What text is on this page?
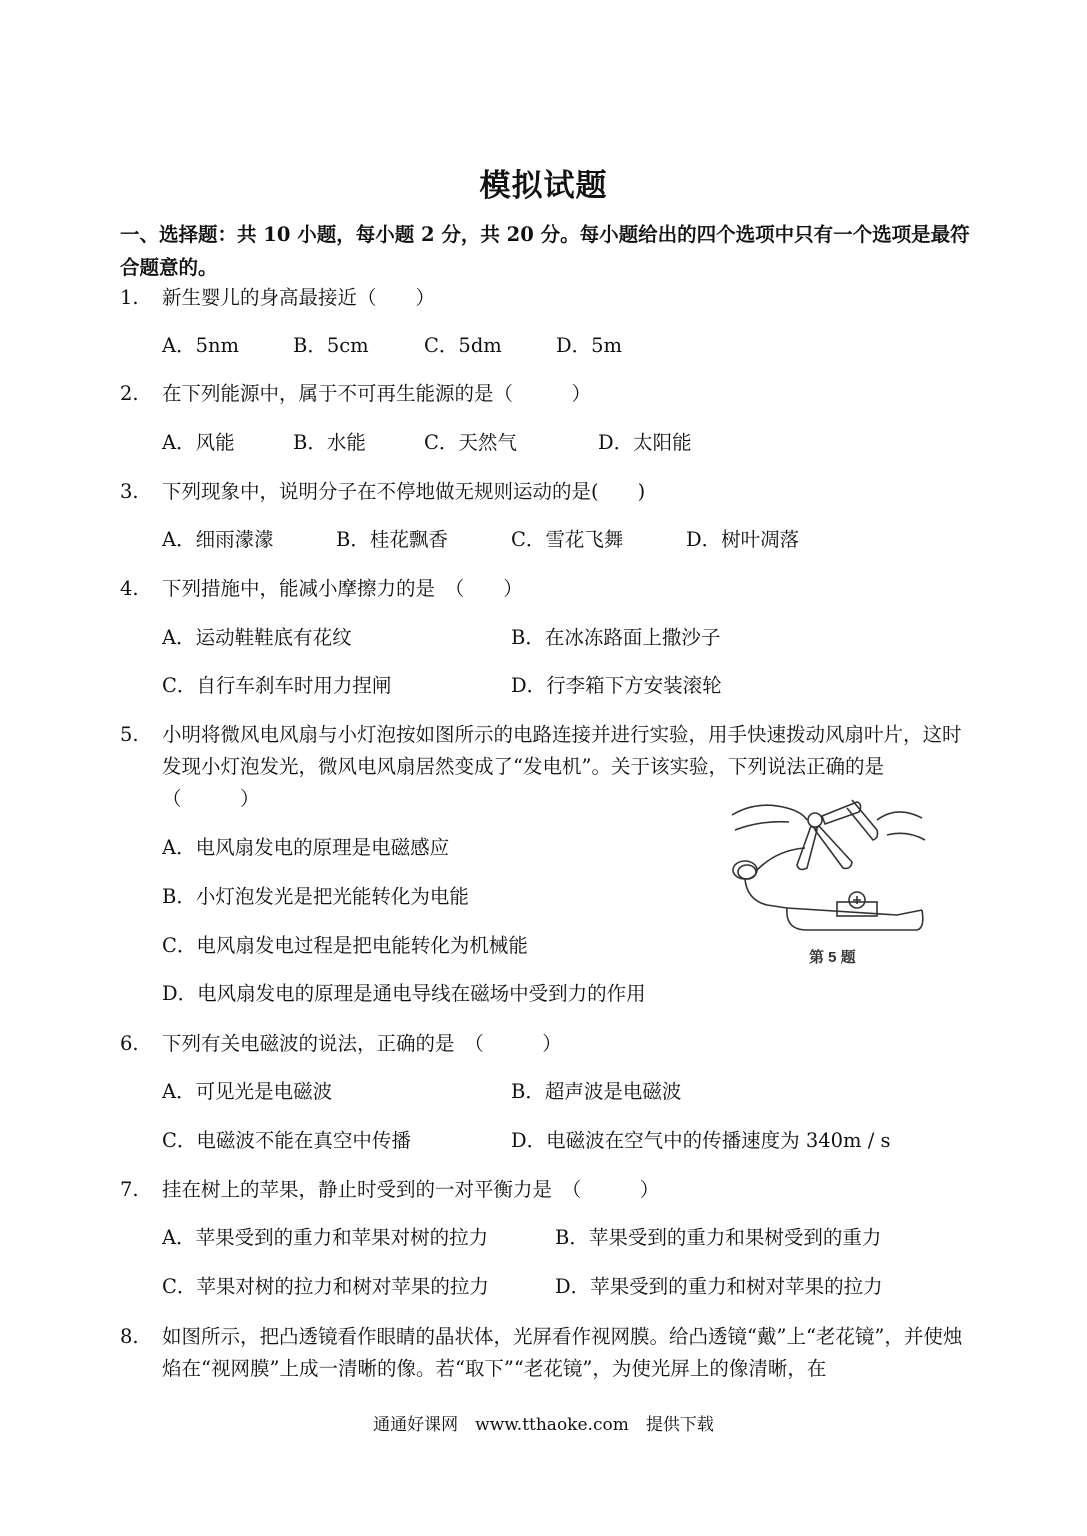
模拟试题
一、选择题：共 10 小题，每小题 2 分，共 20 分。每小题给出的四个选项中只有一个选项是最符合题意的。
1. 新生婴儿的身高最接近（　　）
A．5nm	B．5cm	C．5dm	D．5m
2. 在下列能源中，属于不可再生能源的是（　　　）
A．风能	B．水能	C．天然气	D．太阳能
3. 下列现象中，说明分子在不停地做无规则运动的是(　　)
A．细雨濛濛	B．桂花飘香	C．雪花飞舞	D．树叶凋落
4. 下列措施中，能减小摩擦力的是　（　　）
A．运动鞋鞋底有花纹	B．在冰冻路面上撒沙子
C．自行车刹车时用力捏闸	D．行李箱下方安装滚轮
5. 小明将微风电风扇与小灯泡按如图所示的电路连接并进行实验，用手快速拨动风扇叶片，这时发现小灯泡发光，微风电风扇居然变成了“发电机”。关于该实验，下列说法正确的是　（　　　）
A．电风扇发电的原理是电磁感应
B．小灯泡发光是把光能转化为电能
C．电风扇发电过程是把电能转化为机械能
D．电风扇发电的原理是通电导线在磁场中受到力的作用
第 5 题
6. 下列有关电磁波的说法，正确的是　（　　　）
A．可见光是电磁波	B．超声波是电磁波
C．电磁波不能在真空中传播	D．电磁波在空气中的传播速度为 340m / s
7. 挂在树上的苹果，静止时受到的一对平衡力是　（　　　）
A．苹果受到的重力和苹果对树的拉力	B．苹果受到的重力和果树受到的重力
C．苹果对树的拉力和树对苹果的拉力	D．苹果受到的重力和树对苹果的拉力
8. 如图所示，把凸透镜看作眼睛的晶状体，光屏看作视网膜。给凸透镜“戴”上“老花镜”，并使烛焰在“视网膜”上成一清晰的像。若“取下”“老花镜”，为使光屏上的像清晰，在
通通好课网　www.tthaoke.com　提供下载
